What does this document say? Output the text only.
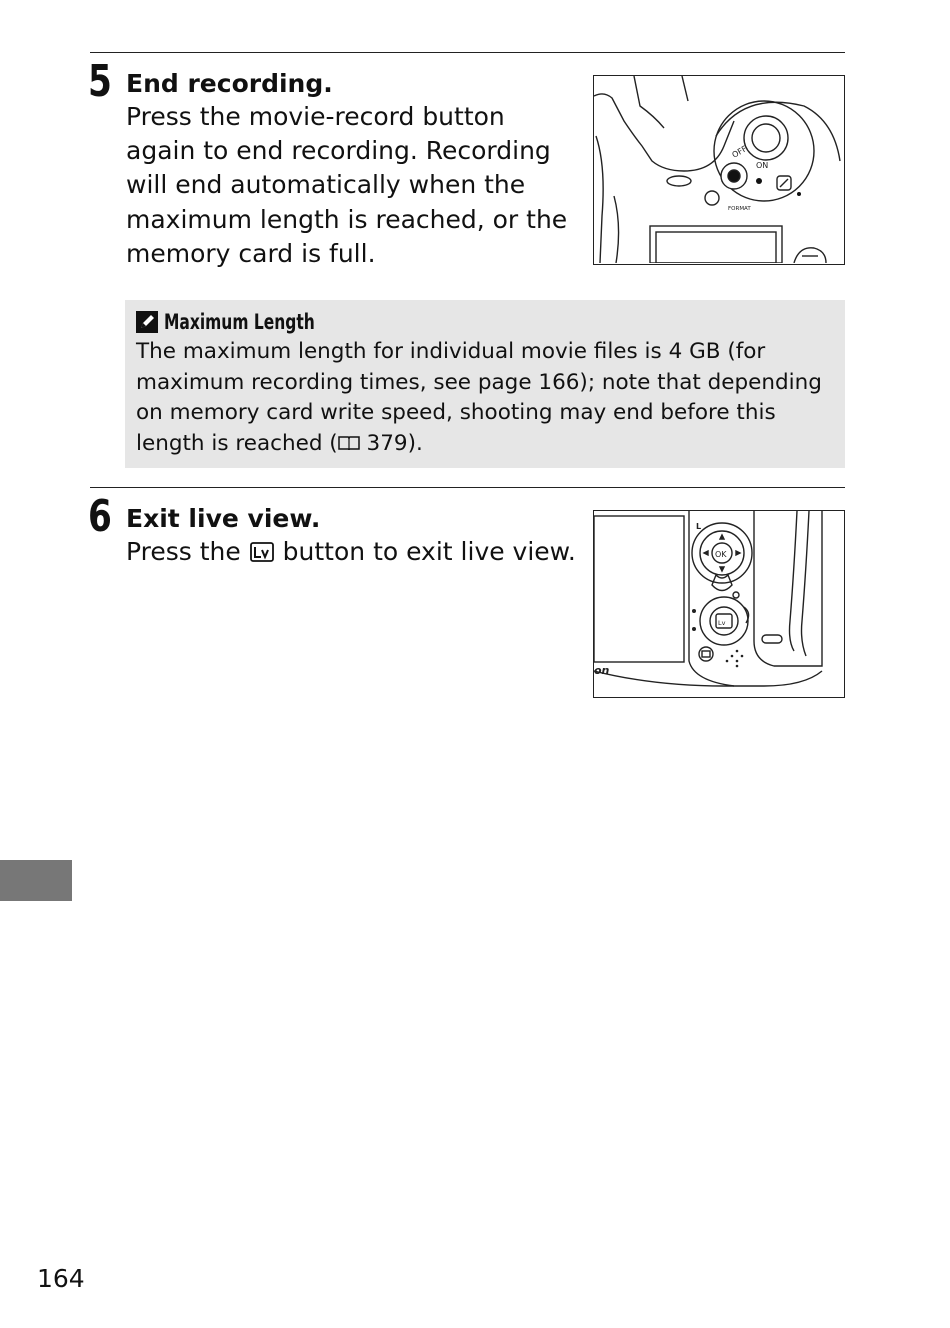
5 End recording.

Press the movie-record button again to end recording. Recording will end automatically when the maximum length is reached, or the memory card is full.

OFF
ON
FORMAT
Maximum Length
The maximum length for individual movie files is 4 GB (for maximum recording times, see page 166); note that depending on memory card write speed, shooting may end before this length is reached ( 379).
6 Exit live view.

Press the  button to exit live view.	OK
L
Lv
on
164
